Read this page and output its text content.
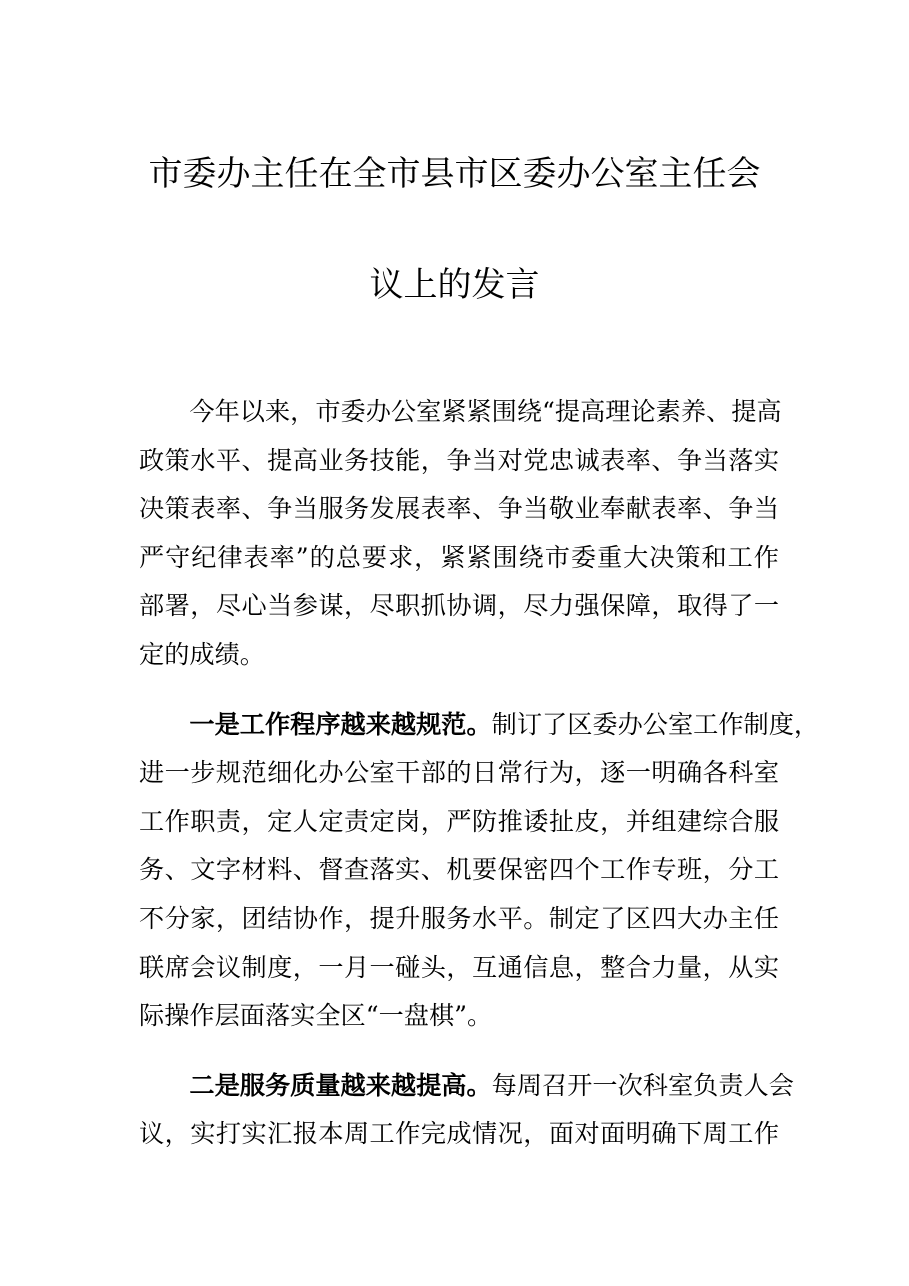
市委办主任在全市县市区委办公室主任会
议上的发言
今年以来，市委办公室紧紧围绕“提高理论素养、提高
政策水平、提高业务技能，争当对党忠诚表率、争当落实
决策表率、争当服务发展表率、争当敬业奉献表率、争当
严守纪律表率”的总要求，紧紧围绕市委重大决策和工作
部署，尽心当参谋，尽职抓协调，尽力强保障，取得了一
定的成绩。
一是工作程序越来越规范。制订了区委办公室工作制度，
进一步规范细化办公室干部的日常行为，逐一明确各科室
工作职责，定人定责定岗，严防推诿扯皮，并组建综合服
务、文字材料、督查落实、机要保密四个工作专班，分工
不分家，团结协作，提升服务水平。制定了区四大办主任
联席会议制度，一月一碰头，互通信息，整合力量，从实
际操作层面落实全区“一盘棋”。
二是服务质量越来越提高。每周召开一次科室负责人会
议，实打实汇报本周工作完成情况，面对面明确下周工作
